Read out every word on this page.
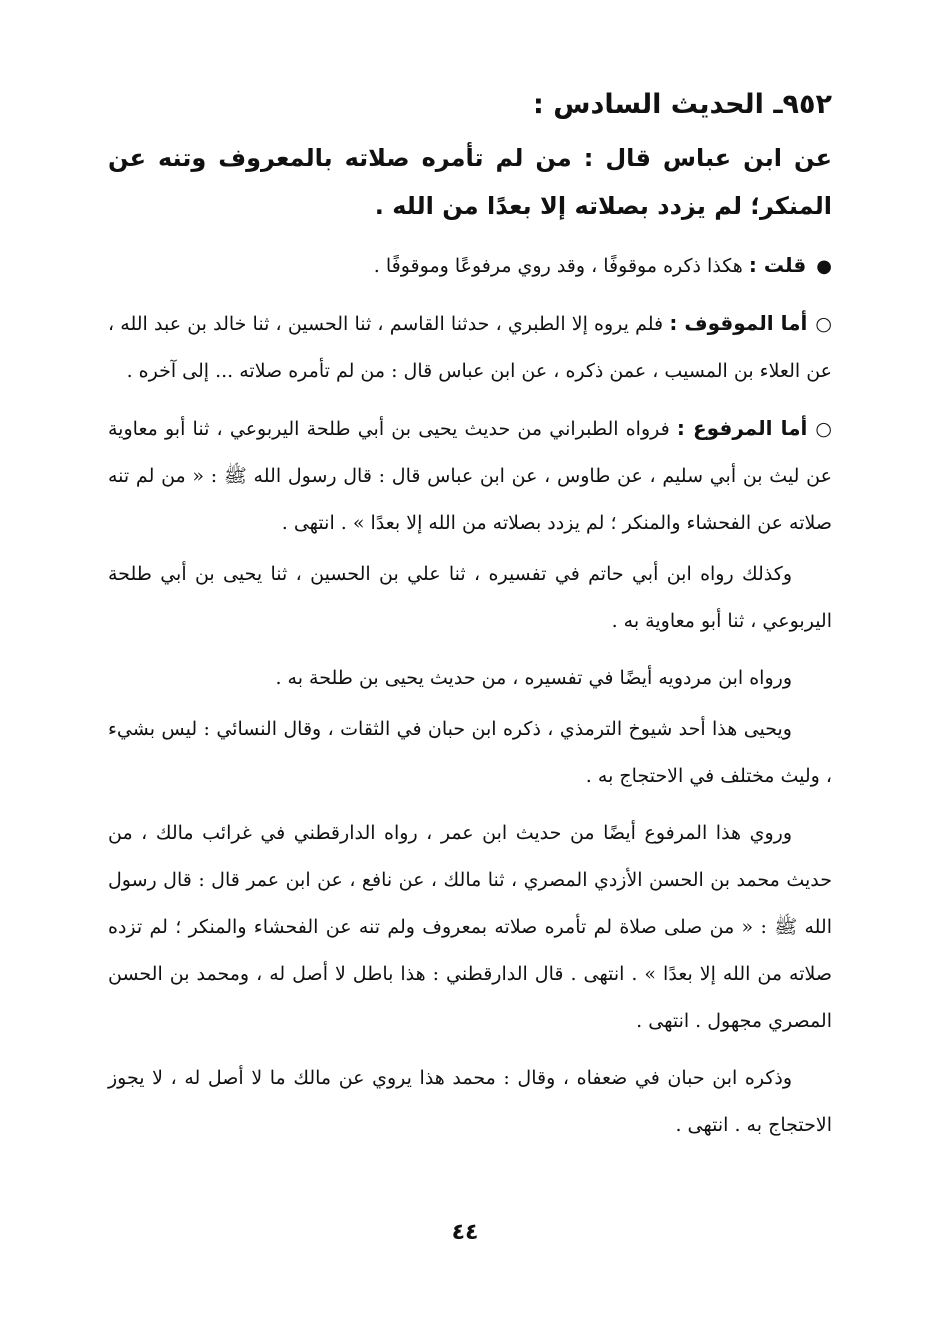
٩٥٢ـ الحديث السادس :
عن ابن عباس قال : من لم تأمره صلاته بالمعروف وتنه عن المنكر؛ لم يزدد بصلاته إلا بعدًا من الله .

●قلت : هكذا ذكره موقوفًا ، وقد روي مرفوعًا وموقوفًا .

○أما الموقوف : فلم يروه إلا الطبري ، حدثنا القاسم ، ثنا الحسين ، ثنا خالد بن عبد الله ، عن العلاء بن المسيب ، عمن ذكره ، عن ابن عباس قال : من لم تأمره صلاته ... إلى آخره .

○أما المرفوع : فرواه الطبراني من حديث يحيى بن أبي طلحة اليربوعي ، ثنا أبو معاوية عن ليث بن أبي سليم ، عن طاوس ، عن ابن عباس قال : قال رسول الله ﷺ : « من لم تنه صلاته عن الفحشاء والمنكر ؛ لم يزدد بصلاته من الله إلا بعدًا » . انتهى .

وكذلك رواه ابن أبي حاتم في تفسيره ، ثنا علي بن الحسين ، ثنا يحيى بن أبي طلحة اليربوعي ، ثنا أبو معاوية به .

ورواه ابن مردويه أيضًا في تفسيره ، من حديث يحيى بن طلحة به .

ويحيى هذا أحد شيوخ الترمذي ، ذكره ابن حبان في الثقات ، وقال النسائي : ليس بشيء ، وليث مختلف في الاحتجاج به .

وروي هذا المرفوع أيضًا من حديث ابن عمر ، رواه الدارقطني في غرائب مالك ، من حديث محمد بن الحسن الأزدي المصري ، ثنا مالك ، عن نافع ، عن ابن عمر قال : قال رسول الله ﷺ : « من صلى صلاة لم تأمره صلاته بمعروف ولم تنه عن الفحشاء والمنكر ؛ لم تزده صلاته من الله إلا بعدًا » . انتهى . قال الدارقطني : هذا باطل لا أصل له ، ومحمد بن الحسن المصري مجهول . انتهى .

وذكره ابن حبان في ضعفاه ، وقال : محمد هذا يروي عن مالك ما لا أصل له ، لا يجوز الاحتجاج به . انتهى .

٤٤
